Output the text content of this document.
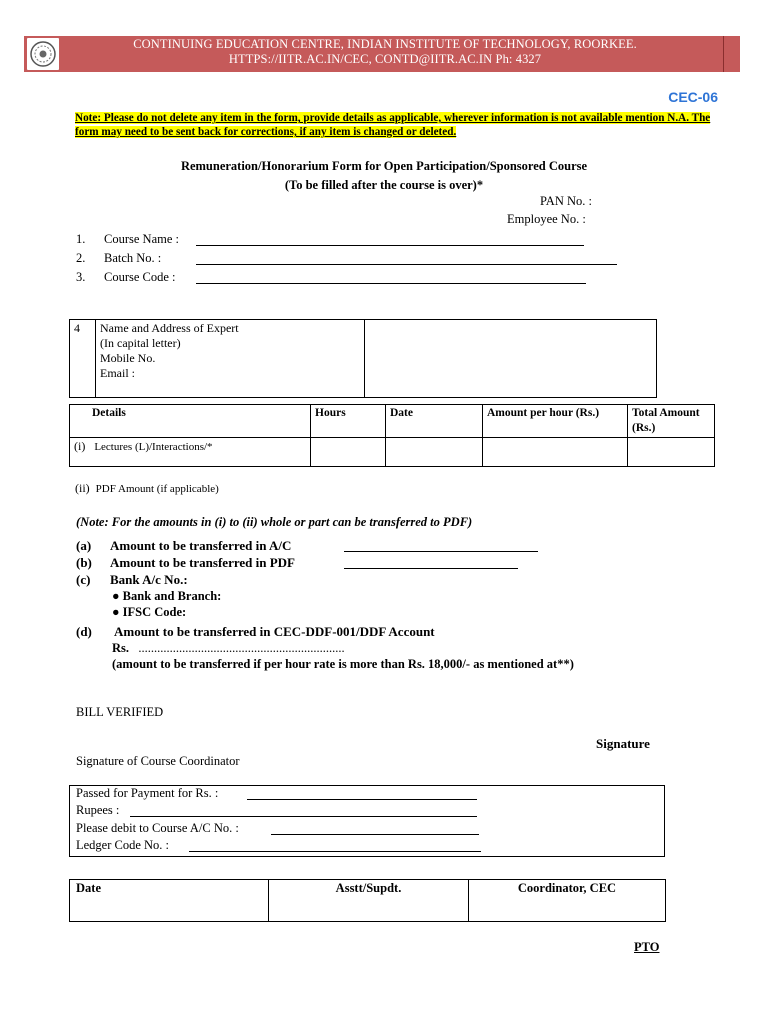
CONTINUING EDUCATION CENTRE, INDIAN INSTITUTE OF TECHNOLOGY, ROORKEE.
HTTPS://IITR.AC.IN/CEC, CONTD@IITR.AC.IN Ph: 4327
CEC-06
Note: Please do not delete any item in the form, provide details as applicable, wherever information is not available mention N.A. The form may need to be sent back for corrections, if any item is changed or deleted.
Remuneration/Honorarium Form for Open Participation/Sponsored Course
(To be filled after the course is over)*
PAN No. :
Employee No. :
1. Course Name :
2. Batch No. :
3. Course Code :
4	Name and Address of Expert
(In capital letter)
Mobile No.
Email :

Details	Hours	Date	Amount per hour (Rs.)	Total Amount (Rs.)
(i) Lectures (L)/Interactions/*				
(ii) PDF Amount (if applicable)
(Note: For the amounts in (i) to (ii) whole or part can be transferred to PDF)
(a) Amount to be transferred in A/C
(b) Amount to be transferred in PDF
(c) Bank A/c No.:
● Bank and Branch:
● IFSC Code:
(d) Amount to be transferred in CEC-DDF-001/DDF Account
Rs. ..................................................................
(amount to be transferred if per hour rate is more than Rs. 18,000/- as mentioned at**)
BILL VERIFIED
Signature
Signature of Course Coordinator
Passed for Payment for Rs. :
Rupees :
Please debit to Course A/C No. :
Ledger Code No. :
Date	Asstt/Supdt.	Coordinator, CEC
PTO
